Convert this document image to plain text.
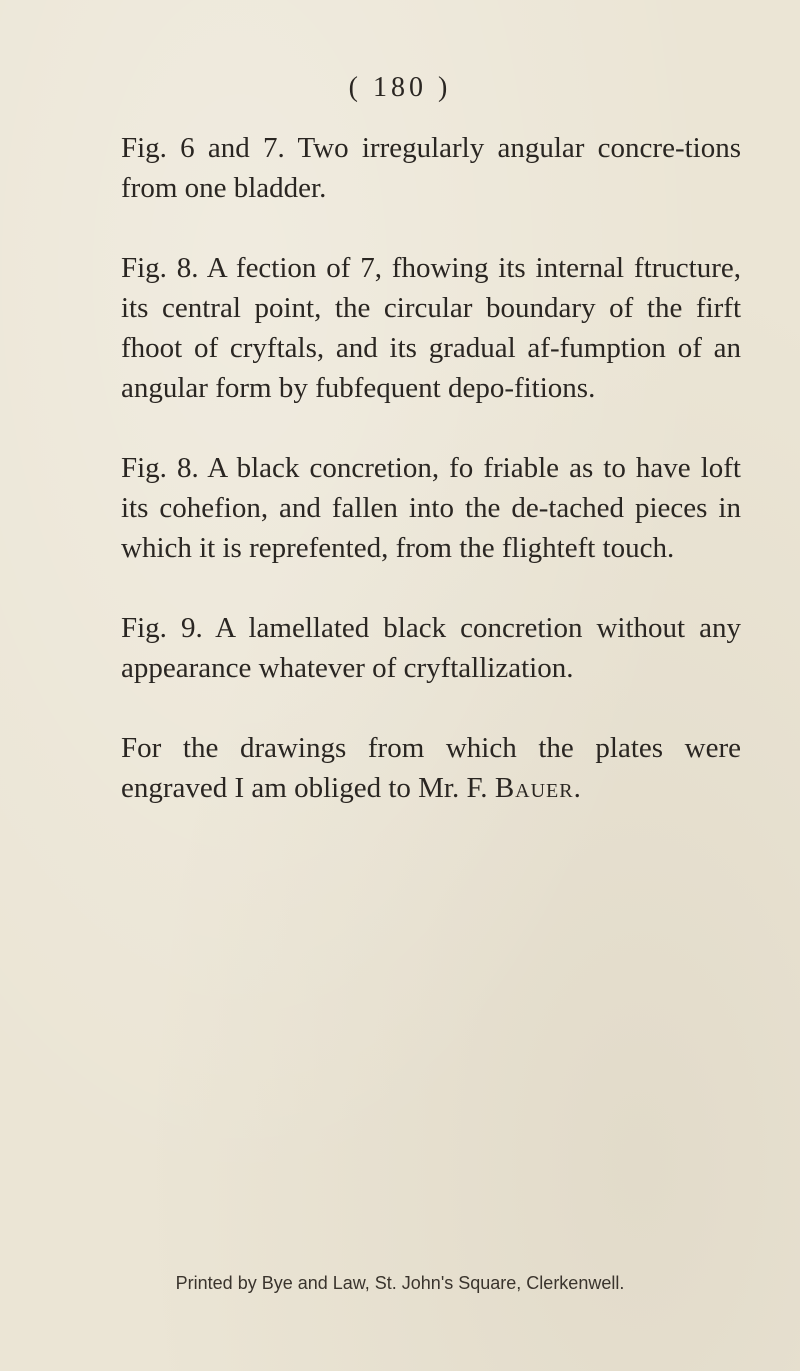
( 180 )

Fig. 6 and 7. Two irregularly angular concre-tions from one bladder.

Fig. 8. A fection of 7, fhowing its internal ftructure, its central point, the circular boundary of the firft fhoot of cryftals, and its gradual af-fumption of an angular form by fubfequent depo-fitions.

Fig. 8. A black concretion, fo friable as to have loft its cohefion, and fallen into the de-tached pieces in which it is reprefented, from the flighteft touch.

Fig. 9. A lamellated black concretion without any appearance whatever of cryftallization.

For the drawings from which the plates were engraved I am obliged to Mr. F. Bauer.

Printed by Bye and Law, St. John's Square, Clerkenwell.
